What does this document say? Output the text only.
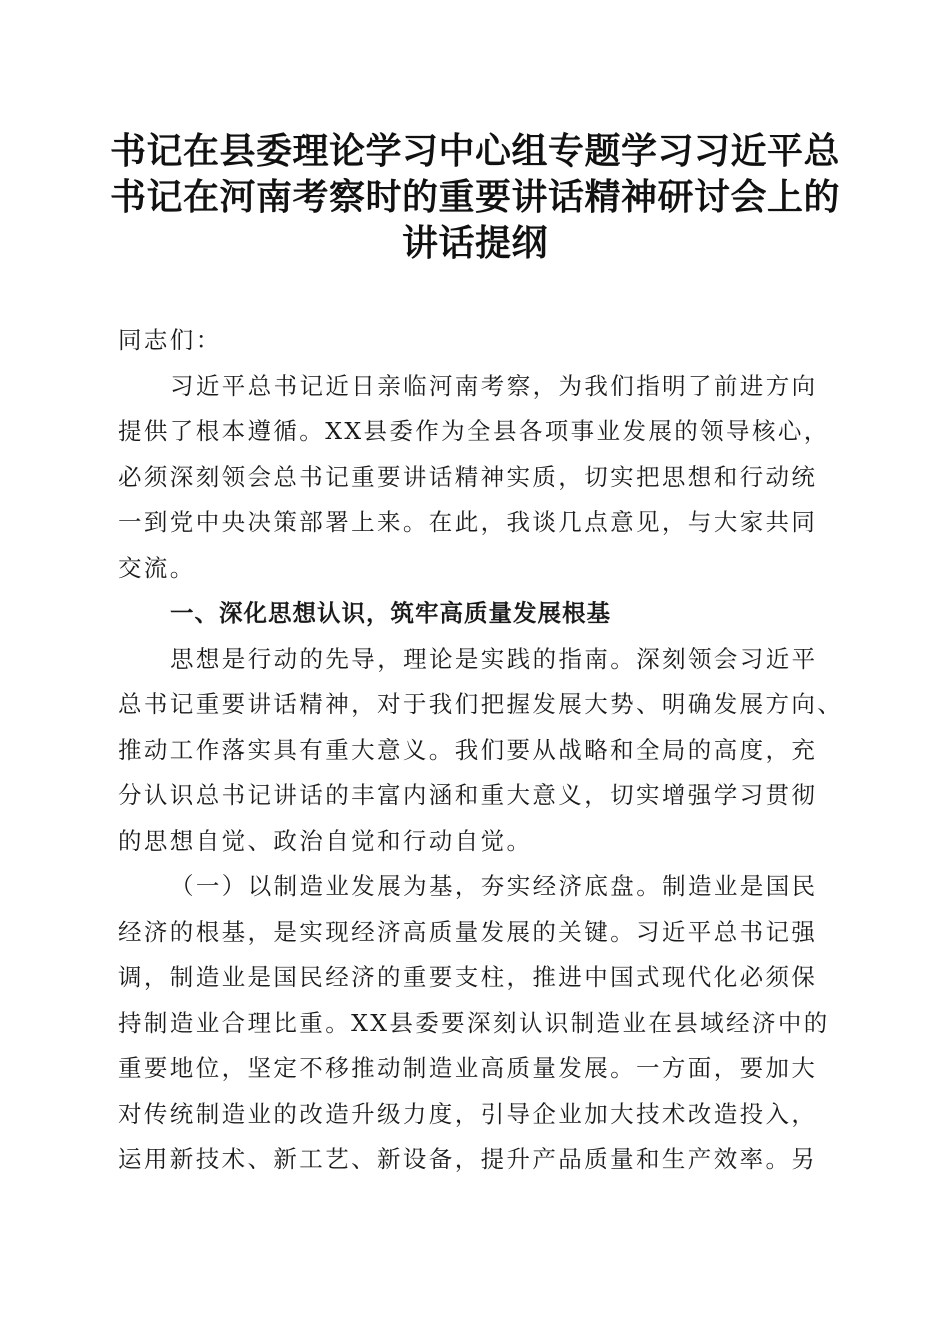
书记在县委理论学习中心组专题学习习近平总
书记在河南考察时的重要讲话精神研讨会上的
讲话提纲
同志们：
习近平总书记近日亲临河南考察，为我们指明了前进方向
提供了根本遵循。XX县委作为全县各项事业发展的领导核心，
必须深刻领会总书记重要讲话精神实质，切实把思想和行动统
一到党中央决策部署上来。在此，我谈几点意见，与大家共同
交流。
一、深化思想认识，筑牢高质量发展根基
思想是行动的先导，理论是实践的指南。深刻领会习近平
总书记重要讲话精神，对于我们把握发展大势、明确发展方向、
推动工作落实具有重大意义。我们要从战略和全局的高度，充
分认识总书记讲话的丰富内涵和重大意义，切实增强学习贯彻
的思想自觉、政治自觉和行动自觉。
（一）以制造业发展为基，夯实经济底盘。制造业是国民
经济的根基，是实现经济高质量发展的关键。习近平总书记强
调，制造业是国民经济的重要支柱，推进中国式现代化必须保
持制造业合理比重。XX县委要深刻认识制造业在县域经济中的
重要地位，坚定不移推动制造业高质量发展。一方面，要加大
对传统制造业的改造升级力度，引导企业加大技术改造投入，
运用新技术、新工艺、新设备，提升产品质量和生产效率。另
